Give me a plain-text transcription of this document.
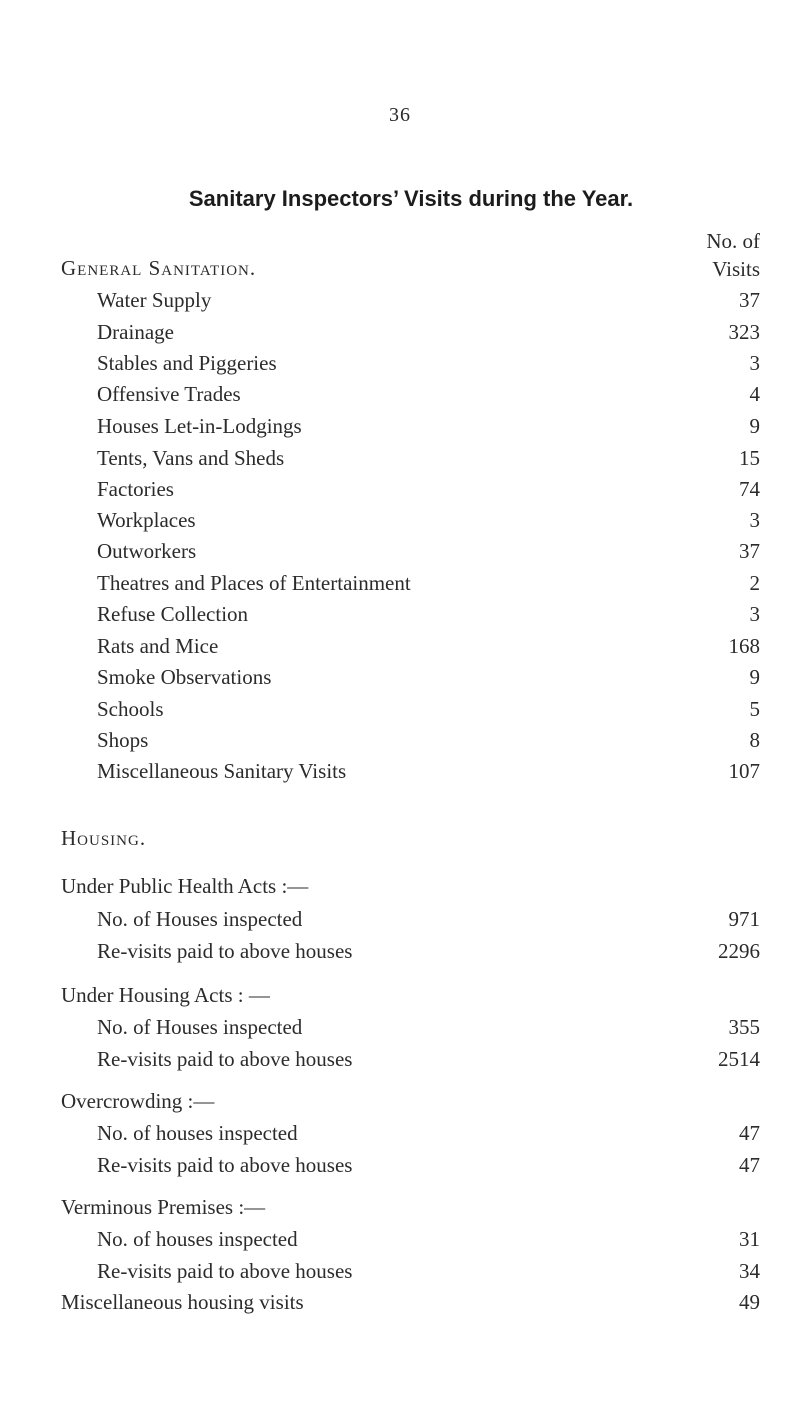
36
Sanitary Inspectors’ Visits during the Year.
No. of
Visits
General Sanitation.
Water Supply	37
Drainage	323
Stables and Piggeries	3
Offensive Trades	4
Houses Let-in-Lodgings	9
Tents, Vans and Sheds	15
Factories	74
Workplaces	3
Outworkers	37
Theatres and Places of Entertainment	2
Refuse Collection	3
Rats and Mice	168
Smoke Observations	9
Schools	5
Shops	8
Miscellaneous Sanitary Visits	107
Housing.
Under Public Health Acts :—
No. of Houses inspected	971
Re-visits paid to above houses	2296
Under Housing Acts : —
No. of Houses inspected	355
Re-visits paid to above houses	2514
Overcrowding :—
No. of houses inspected	47
Re-visits paid to above houses	47
Verminous Premises :—
No. of houses inspected	31
Re-visits paid to above houses	34
Miscellaneous housing visits	49
